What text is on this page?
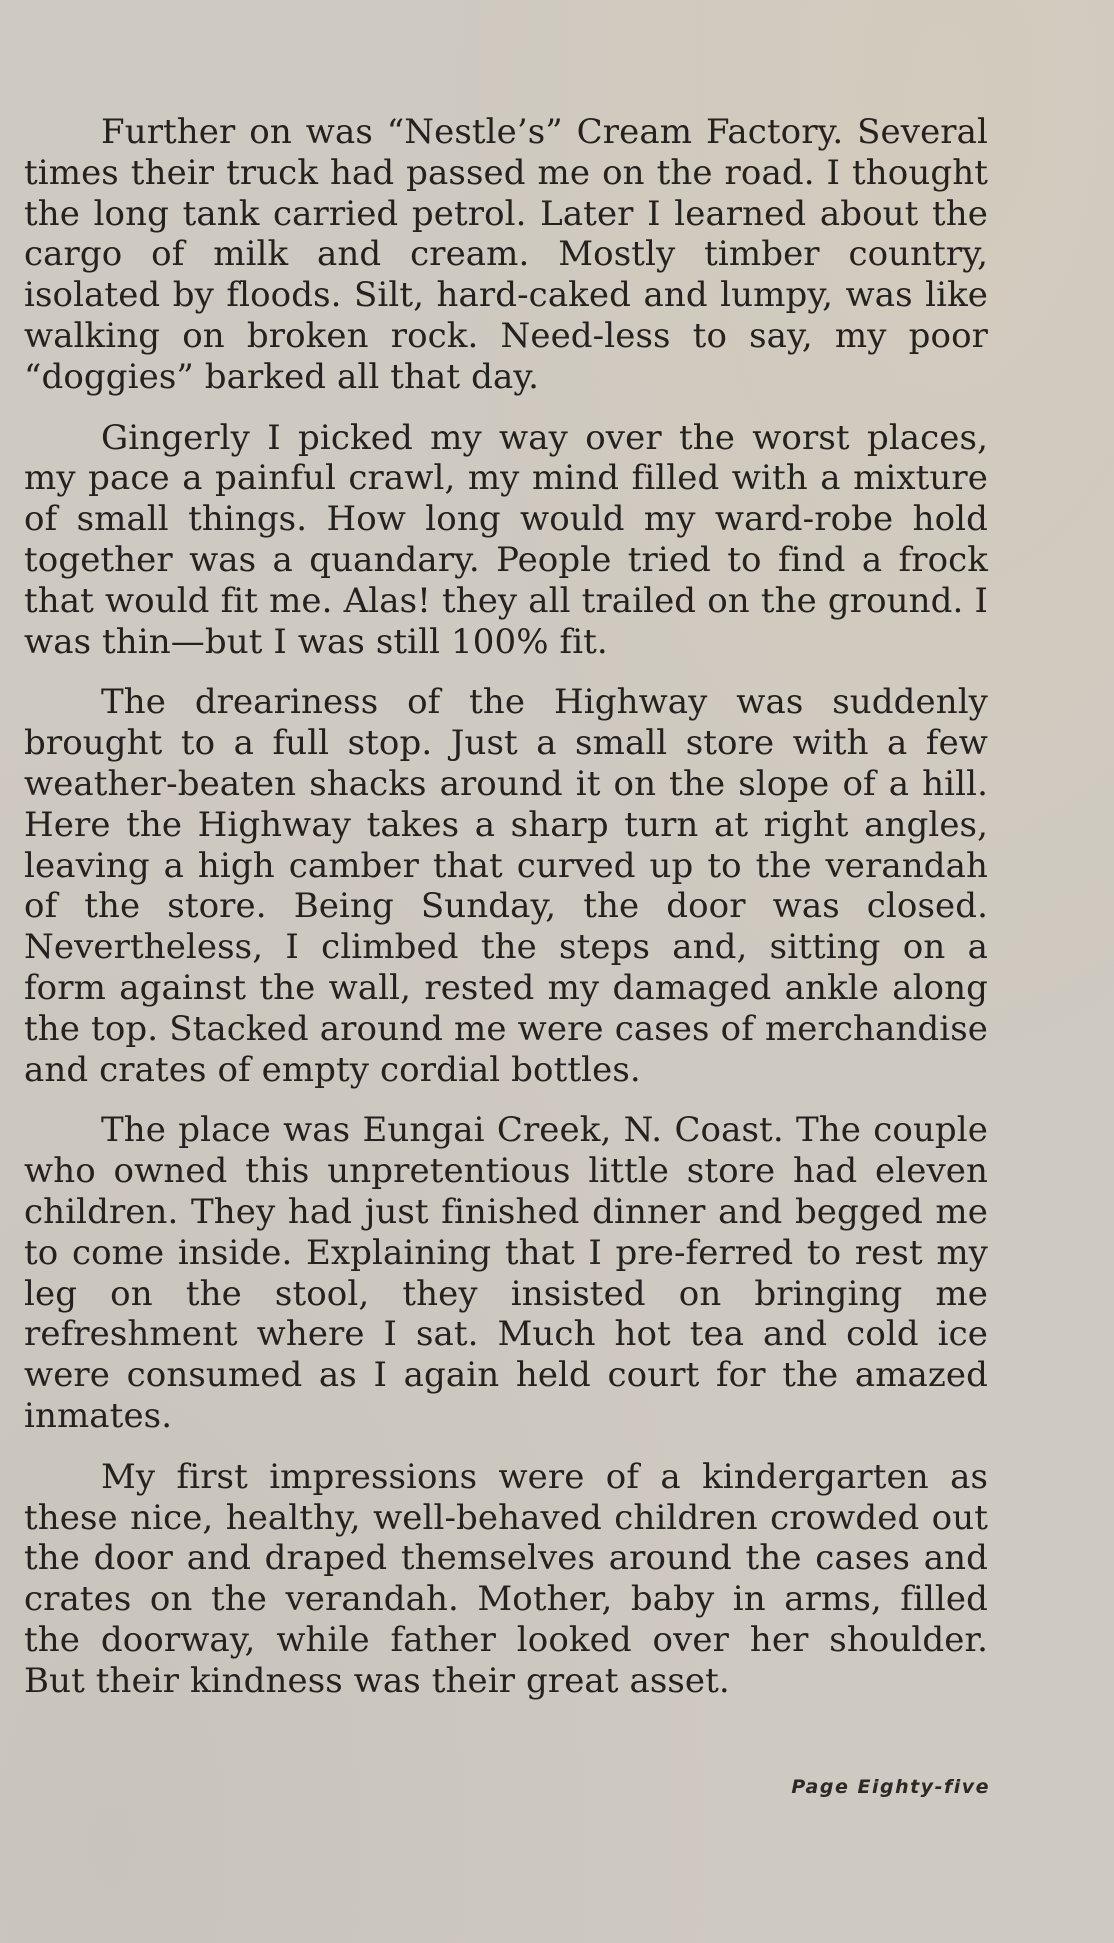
Further on was “Nestle’s” Cream Factory. Several times their truck had passed me on the road. I thought the long tank carried petrol. Later I learned about the cargo of milk and cream. Mostly timber country, isolated by floods. Silt, hard-caked and lumpy, was like walking on broken rock. Need-less to say, my poor “doggies” barked all that day.

Gingerly I picked my way over the worst places, my pace a painful crawl, my mind filled with a mixture of small things. How long would my ward-robe hold together was a quandary. People tried to find a frock that would fit me. Alas! they all trailed on the ground. I was thin—but I was still 100% fit.

The dreariness of the Highway was suddenly brought to a full stop. Just a small store with a few weather-beaten shacks around it on the slope of a hill. Here the Highway takes a sharp turn at right angles, leaving a high camber that curved up to the verandah of the store. Being Sunday, the door was closed. Nevertheless, I climbed the steps and, sitting on a form against the wall, rested my damaged ankle along the top. Stacked around me were cases of merchandise and crates of empty cordial bottles.

The place was Eungai Creek, N. Coast. The couple who owned this unpretentious little store had eleven children. They had just finished dinner and begged me to come inside. Explaining that I pre-ferred to rest my leg on the stool, they insisted on bringing me refreshment where I sat. Much hot tea and cold ice were consumed as I again held court for the amazed inmates.

My first impressions were of a kindergarten as these nice, healthy, well-behaved children crowded out the door and draped themselves around the cases and crates on the verandah. Mother, baby in arms, filled the doorway, while father looked over her shoulder. But their kindness was their great asset.

Page Eighty-five
